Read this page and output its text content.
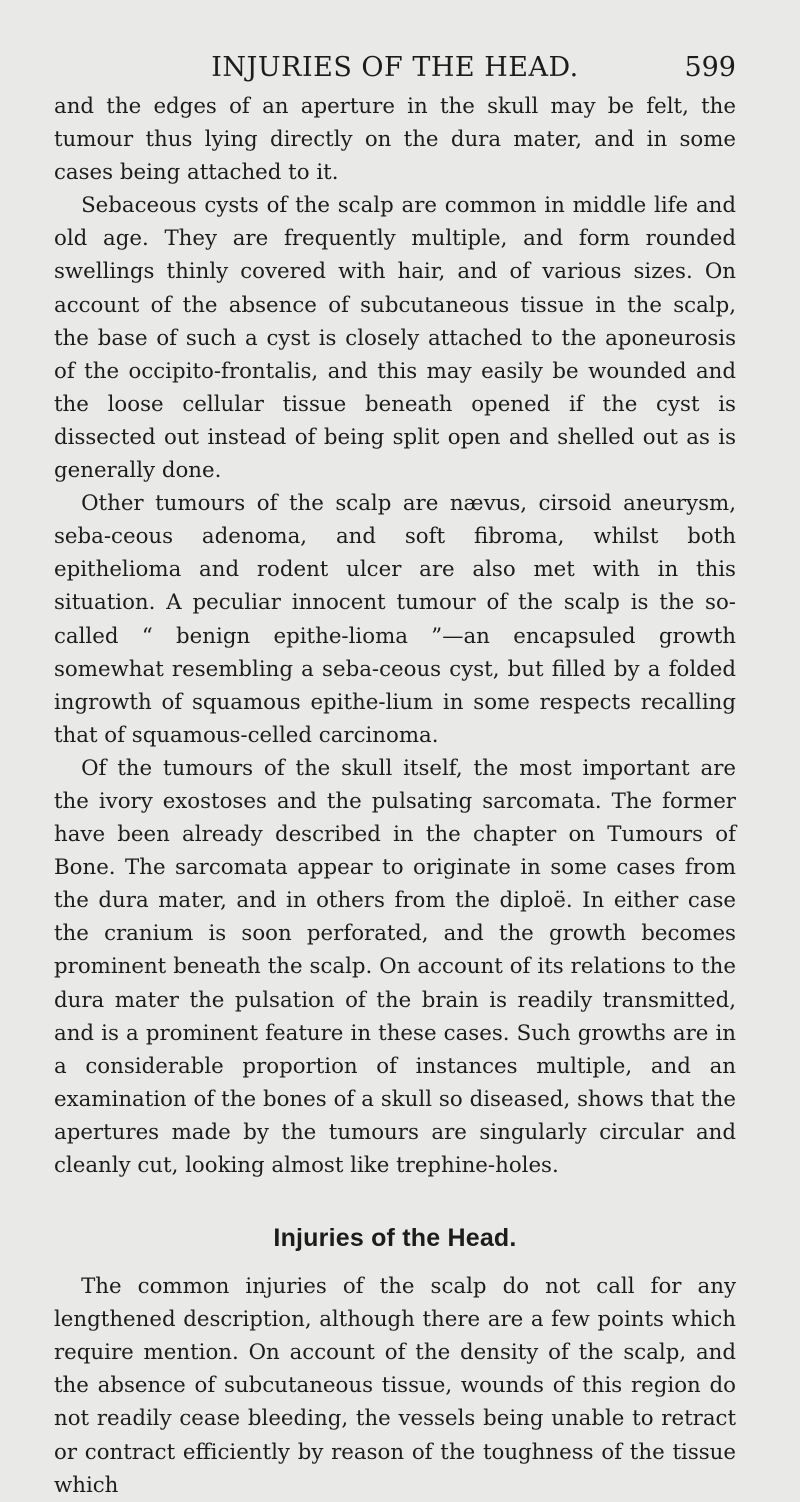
INJURIES OF THE HEAD.	599

and the edges of an aperture in the skull may be felt, the tumour thus lying directly on the dura mater, and in some cases being attached to it.

Sebaceous cysts of the scalp are common in middle life and old age. They are frequently multiple, and form rounded swellings thinly covered with hair, and of various sizes. On account of the absence of subcutaneous tissue in the scalp, the base of such a cyst is closely attached to the aponeurosis of the occipito-frontalis, and this may easily be wounded and the loose cellular tissue beneath opened if the cyst is dissected out instead of being split open and shelled out as is generally done.

Other tumours of the scalp are nævus, cirsoid aneurysm, seba-ceous adenoma, and soft fibroma, whilst both epithelioma and rodent ulcer are also met with in this situation. A peculiar innocent tumour of the scalp is the so-called “ benign epithe-lioma ”—an encapsuled growth somewhat resembling a seba-ceous cyst, but filled by a folded ingrowth of squamous epithe-lium in some respects recalling that of squamous-celled carcinoma.

Of the tumours of the skull itself, the most important are the ivory exostoses and the pulsating sarcomata. The former have been already described in the chapter on Tumours of Bone. The sarcomata appear to originate in some cases from the dura mater, and in others from the diploë. In either case the cranium is soon perforated, and the growth becomes prominent beneath the scalp. On account of its relations to the dura mater the pulsation of the brain is readily transmitted, and is a prominent feature in these cases. Such growths are in a considerable proportion of instances multiple, and an examination of the bones of a skull so diseased, shows that the apertures made by the tumours are singularly circular and cleanly cut, looking almost like trephine-holes.

Injuries of the Head.

The common injuries of the scalp do not call for any lengthened description, although there are a few points which require mention. On account of the density of the scalp, and the absence of subcutaneous tissue, wounds of this region do not readily cease bleeding, the vessels being unable to retract or contract efficiently by reason of the toughness of the tissue which
